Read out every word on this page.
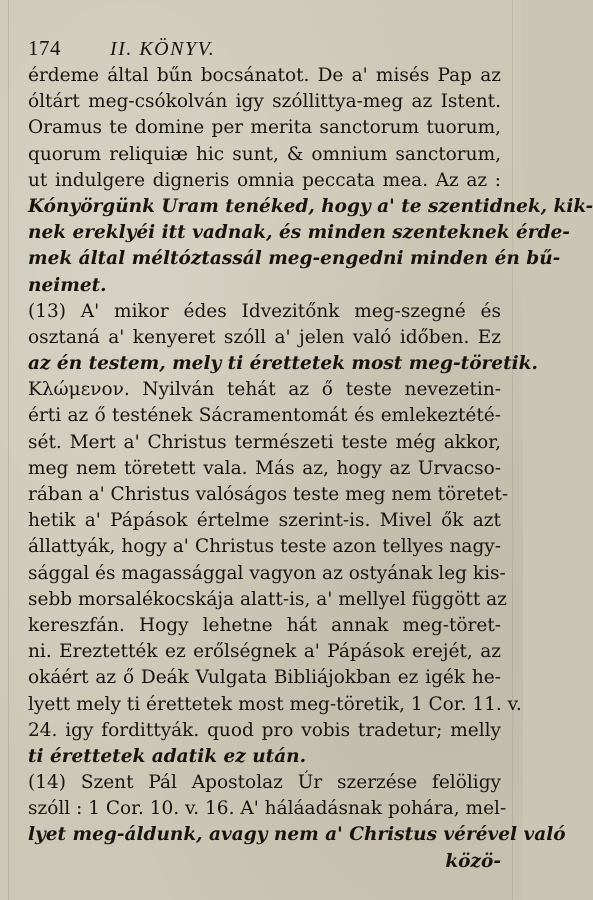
174	II. KÖNYV.

érdeme által bűn bocsánatot. De a' misés Pap az

óltárt meg-csókolván igy szóllittya-meg az Istent.

Oramus te domine per merita sanctorum tuorum,

quorum reliquiæ hic sunt, & omnium sanctorum,

ut indulgere digneris omnia peccata mea. Az az :

Kónyörgünk Uram tenéked, hogy a' te szentidnek, kik-

nek ereklyéi itt vadnak, és minden szenteknek érde-

mek által méltóztassál meg-engedni minden én bű-

neimet.

(13) A' mikor édes Idvezitőnk meg-szegné és

osztaná a' kenyeret szóll a' jelen való időben. Ez

az én testem, mely ti érettetek most meg-töretik.

Κλώμενον. Nyilván tehát az ő teste nevezetin-

érti az ő testének Sácramentomát és emlekeztété-

sét. Mert a' Christus természeti teste még akkor,

meg nem töretett vala. Más az, hogy az Urvacso-

rában a' Christus valóságos teste meg nem töretet-

hetik a' Pápások értelme szerint-is. Mivel ők azt

állattyák, hogy a' Christus teste azon tellyes nagy-

sággal és magassággal vagyon az ostyának leg kis-

sebb morsalékocskája alatt-is, a' mellyel függött az

kereszfán. Hogy lehetne hát annak meg-töret-

ni. Ereztették ez erőlségnek a' Pápások erejét, az

okáért az ő Deák Vulgata Bibliájokban ez igék he-

lyett mely ti érettetek most meg-töretik, 1 Cor. 11. v.

24. igy fordittyák. quod pro vobis tradetur; melly

ti érettetek adatik ez után.

(14) Szent Pál Apostolaz Úr szerzése felöligy

szóll : 1 Cor. 10. v. 16. A' háláadásnak pohára, mel-

lyet meg-áldunk, avagy nem a' Christus vérével való

közö-
